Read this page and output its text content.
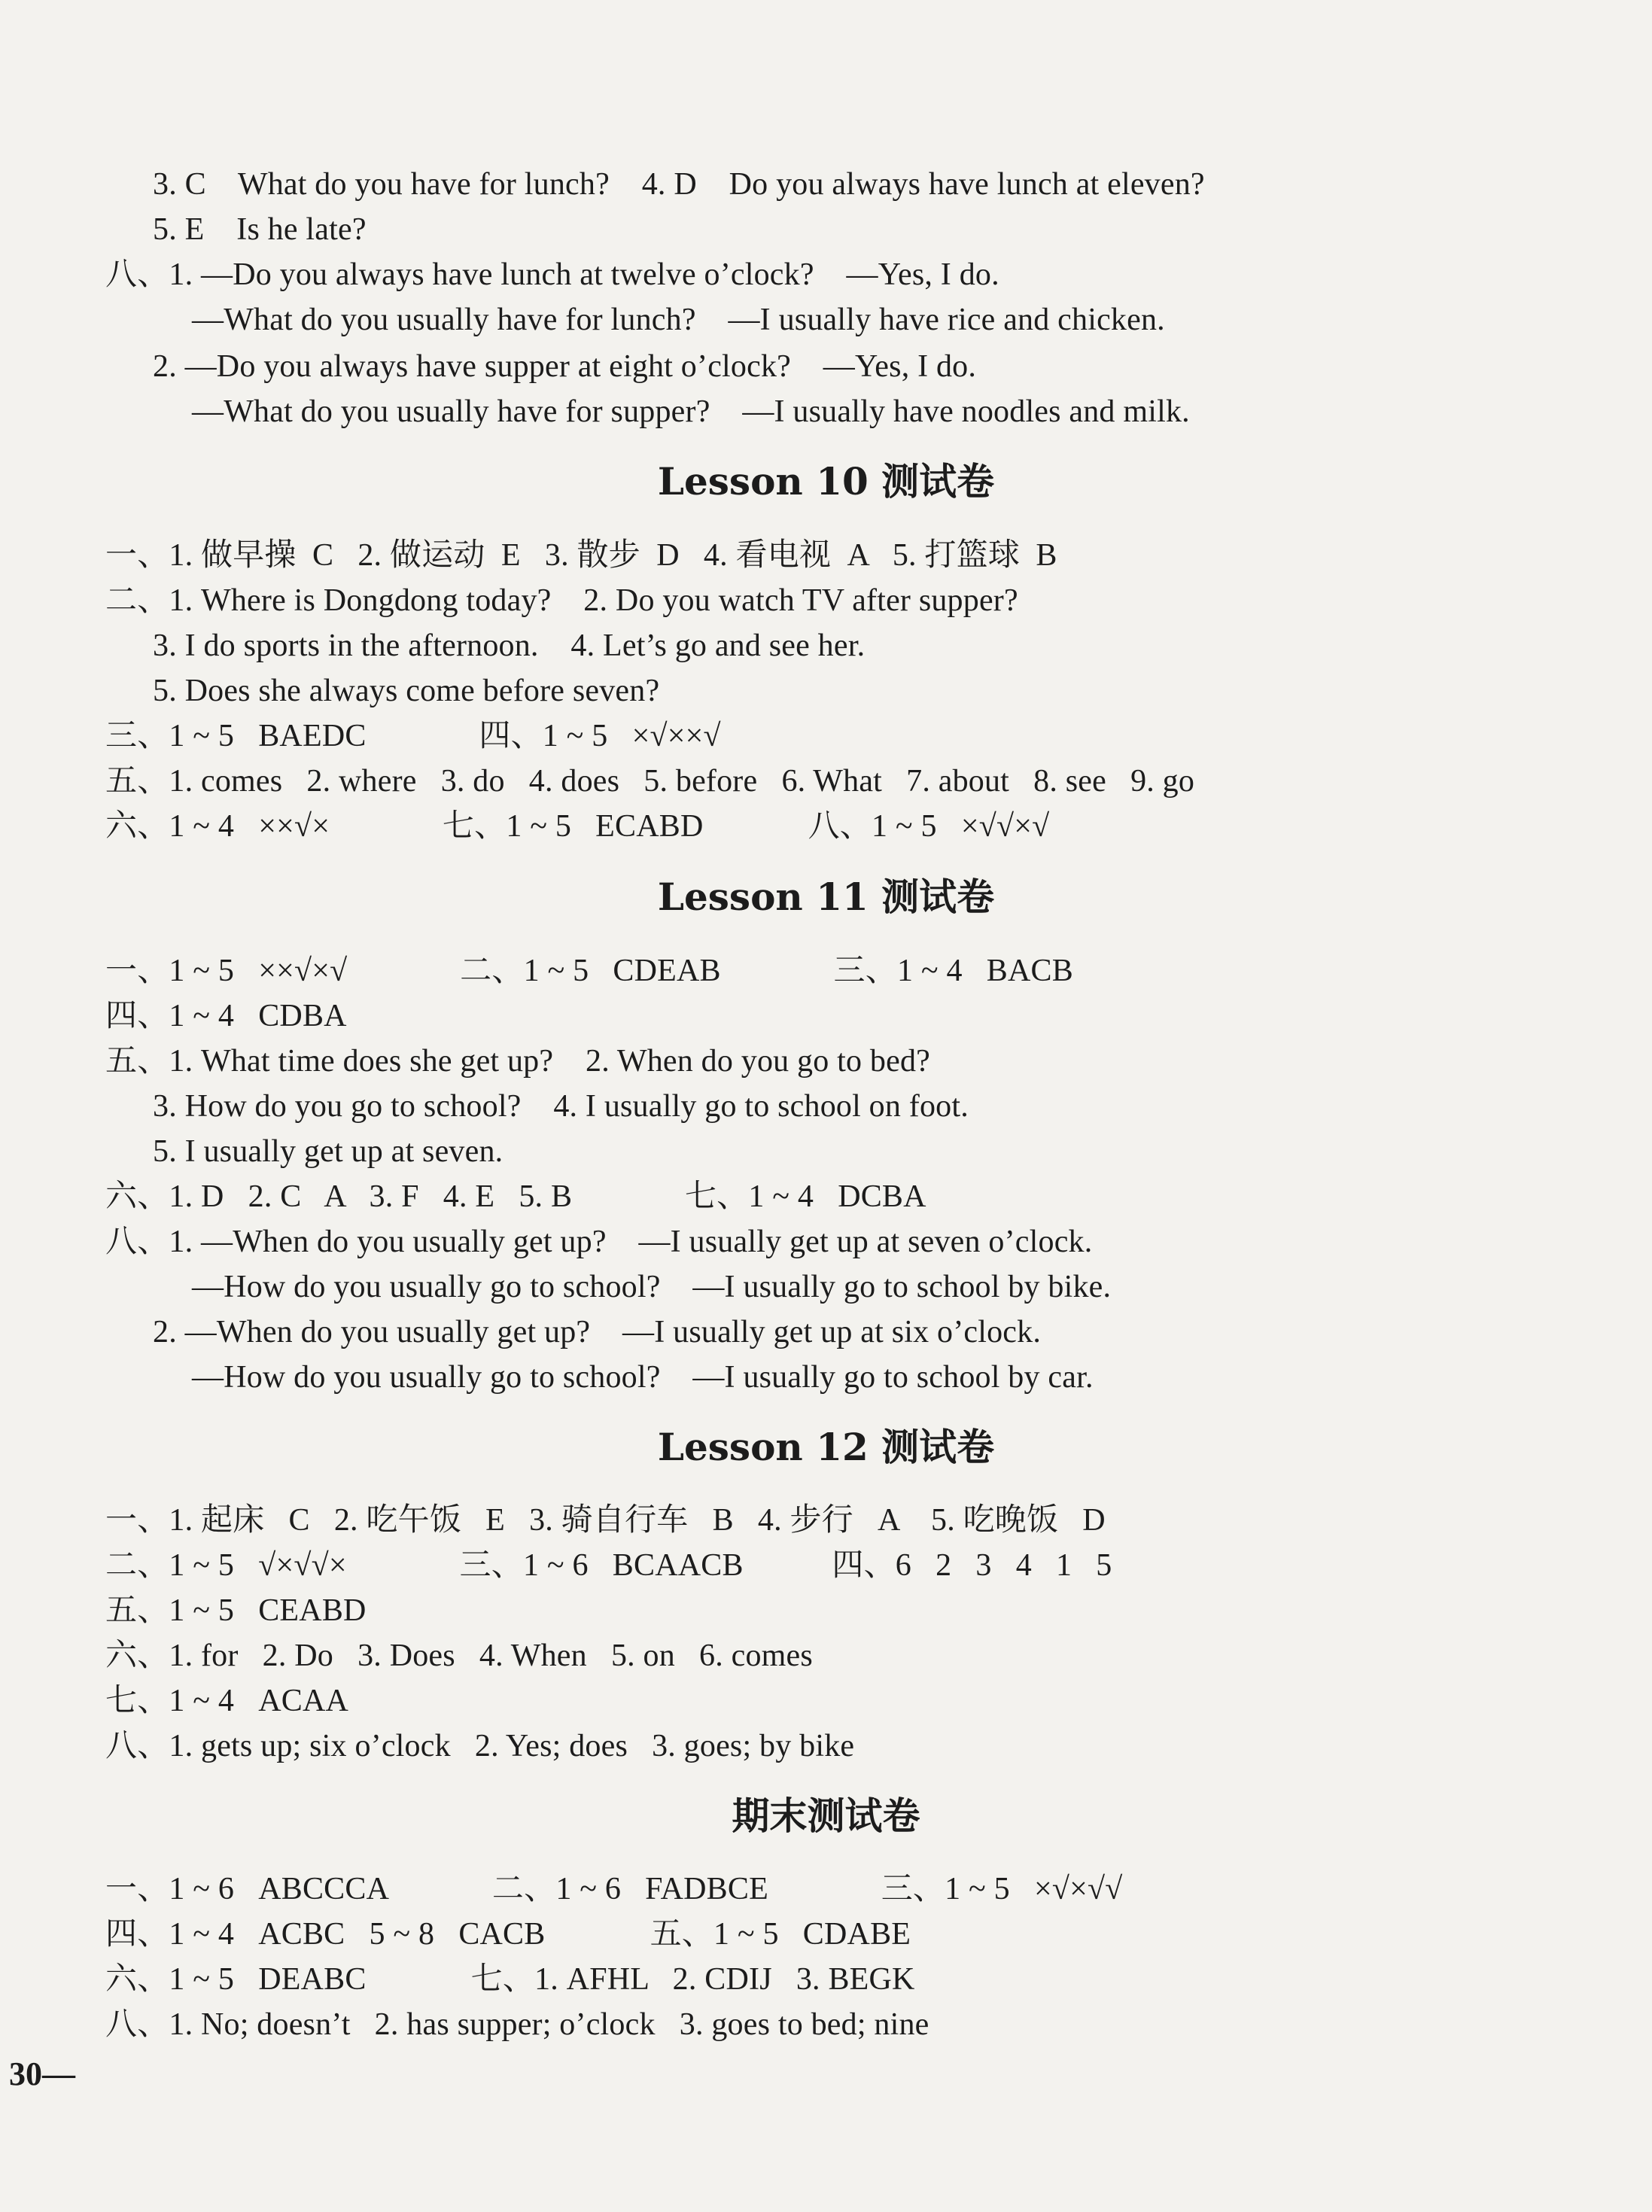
3. C    What do you have for lunch?    4. D    Do you always have lunch at eleven?
5. E    Is he late?
八、1. —Do you always have lunch at twelve o’clock?    —Yes, I do.
—What do you usually have for lunch?    —I usually have rice and chicken.
2. —Do you always have supper at eight o’clock?    —Yes, I do.
—What do you usually have for supper?    —I usually have noodles and milk.
Lesson 10 测试卷
一、1. 做早操  C   2. 做运动  E   3. 散步  D   4. 看电视  A   5. 打篮球  B
二、1. Where is Dongdong today?    2. Do you watch TV after supper?
3. I do sports in the afternoon.    4. Let’s go and see her.
5. Does she always come before seven?
三、1 ~ 5   BAEDC              四、1 ~ 5   ×√××√
五、1. comes   2. where   3. do   4. does   5. before   6. What   7. about   8. see   9. go
六、1 ~ 4   ××√×              七、1 ~ 5   ECABD             八、1 ~ 5   ×√√×√
Lesson 11 测试卷
一、1 ~ 5   ××√×√              二、1 ~ 5   CDEAB              三、1 ~ 4   BACB
四、1 ~ 4   CDBA
五、1. What time does she get up?    2. When do you go to bed?
3. How do you go to school?    4. I usually go to school on foot.
5. I usually get up at seven.
六、1. D   2. C   A   3. F   4. E   5. B              七、1 ~ 4   DCBA
八、1. —When do you usually get up?    —I usually get up at seven o’clock.
—How do you usually go to school?    —I usually go to school by bike.
2. —When do you usually get up?    —I usually get up at six o’clock.
—How do you usually go to school?    —I usually go to school by car.
Lesson 12 测试卷
一、1. 起床   C   2. 吃午饭   E   3. 骑自行车   B   4. 步行   A    5. 吃晚饭   D
二、1 ~ 5   √×√√×              三、1 ~ 6   BCAACB           四、6   2   3   4   1   5
五、1 ~ 5   CEABD
六、1. for   2. Do   3. Does   4. When   5. on   6. comes
七、1 ~ 4   ACAA
八、1. gets up; six o’clock   2. Yes; does   3. goes; by bike
期末测试卷
一、1 ~ 6   ABCCCA             二、1 ~ 6   FADBCE              三、1 ~ 5   ×√×√√
四、1 ~ 4   ACBC   5 ~ 8   CACB             五、1 ~ 5   CDABE
六、1 ~ 5   DEABC             七、1. AFHL   2. CDIJ   3. BEGK
八、1. No; doesn’t   2. has supper; o’clock   3. goes to bed; nine
30—
